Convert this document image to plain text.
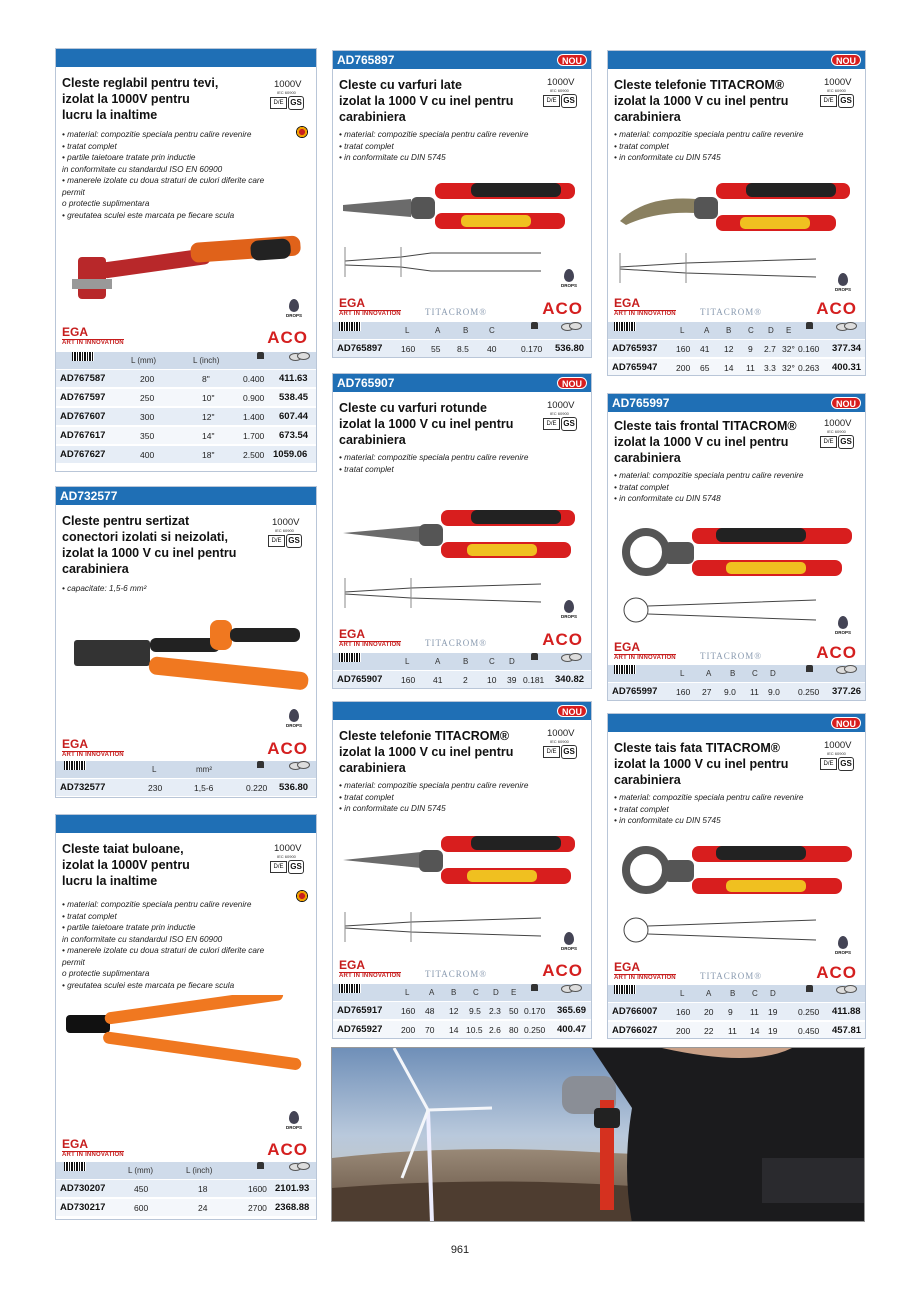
Cleste reglabil pentru tevi,
izolat la 1000V pentru
lucru la inaltime
1000V
IEC 60900
D/E GS
• material: compozitie speciala pentru calire revenire
• tratat complet
• partile taietoare tratate prin inductie
in conformitate cu standardul ISO EN 60900
• manerele izolate cu doua straturi de culori diferite care permit
o protectie suplimentara
• greutatea sculei este marcata pe fiecare scula
DROPS
EGA
ART IN INNOVATION	ACO
L (mm)	L (inch)
AD767587	200	8"	0.400 411.63
AD767597	250	10"	0.900 538.45
AD767607	300	12"	1.400 607.44
AD767617	350	14"	1.700 673.54
AD767627	400	18"	2.500 1059.06
AD732577
Cleste pentru sertizat
conectori izolati si neizolati,
izolat la 1000 V cu inel pentru
carabiniera
1000V
IEC 60900
D/E GS
• capacitate: 1,5-6 mm²
DROPS
EGA
ART IN INNOVATION	ACO
L	mm²
AD732577	230	1,5-6	0.220 536.80
Cleste taiat buloane,
izolat la 1000V pentru
lucru la inaltime
1000V
IEC 60900
D/E GS
• material: compozitie speciala pentru calire revenire
• tratat complet
• partile taietoare tratate prin inductie
in conformitate cu standardul ISO EN 60900
• manerele izolate cu doua straturi de culori diferite care permit
o protectie suplimentara
• greutatea sculei este marcata pe fiecare scula
DROPS
EGA
ART IN INNOVATION	ACO
L (mm)	L (inch)
AD730207	450	18	1600 2101.93
AD730217	600	24	2700 2368.88
AD765897	NOU
Cleste cu varfuri late
izolat la 1000 V cu inel pentru
carabiniera
1000V
IEC 60900
D/E GS
• material: compozitie speciala pentru calire revenire
• tratat complet
• in conformitate cu DIN 5745
DROPS
EGA
ART IN INNOVATION	TITACROM®	ACO
L	A	B	C
AD765897 160 55 8.5 40	0.170 536.80
AD765907	NOU
Cleste cu varfuri rotunde
izolat la 1000 V cu inel pentru
carabiniera
1000V
IEC 60900
D/E GS
• material: compozitie speciala pentru calire revenire
• tratat complet
DROPS
EGA
ART IN INNOVATION	TITACROM®	ACO
L	A	B	C D
AD765907 160 41 2 10 39 0.181 340.82
NOU
Cleste telefonie TITACROM®
izolat la 1000 V cu inel pentru
carabiniera
1000V
IEC 60900
D/E GS
• material: compozitie speciala pentru calire revenire
• tratat complet
• in conformitate cu DIN 5745
DROPS
EGA
ART IN INNOVATION	TITACROM®	ACO
L A B C D E
AD765917 160 48 12 9.5 2.3 50 0.170 365.69
AD765927 200 70 14 10.5 2.6 80 0.250 400.47
NOU
Cleste telefonie TITACROM®
izolat la 1000 V cu inel pentru
carabiniera
1000V
IEC 60900
D/E GS
• material: compozitie speciala pentru calire revenire
• tratat complet
• in conformitate cu DIN 5745
DROPS
EGA
ART IN INNOVATION	TITACROM®	ACO
L A B C D E
AD765937 160 41 12 9 2.7 32° 0.160 377.34
AD765947 200 65 14 11 3.3 32° 0.263 400.31
AD765997	NOU
Cleste tais frontal TITACROM®
izolat la 1000 V cu inel pentru
carabiniera
1000V
IEC 60900
D/E GS
• material: compozitie speciala pentru calire revenire
• tratat complet
• in conformitate cu DIN 5748
DROPS
EGA
ART IN INNOVATION	TITACROM®	ACO
L	A B C D
AD765997 160 27 9.0 11 9.0 0.250 377.26
NOU
Cleste tais fata TITACROM®
izolat la 1000 V cu inel pentru
carabiniera
1000V
IEC 60900
D/E GS
• material: compozitie speciala pentru calire revenire
• tratat complet
• in conformitate cu DIN 5745
DROPS
EGA
ART IN INNOVATION	TITACROM®	ACO
L	A B C D
AD766007 160 20 9 11 19 0.250 411.88
AD766027 200 22 11 14 19 0.450 457.81
961
